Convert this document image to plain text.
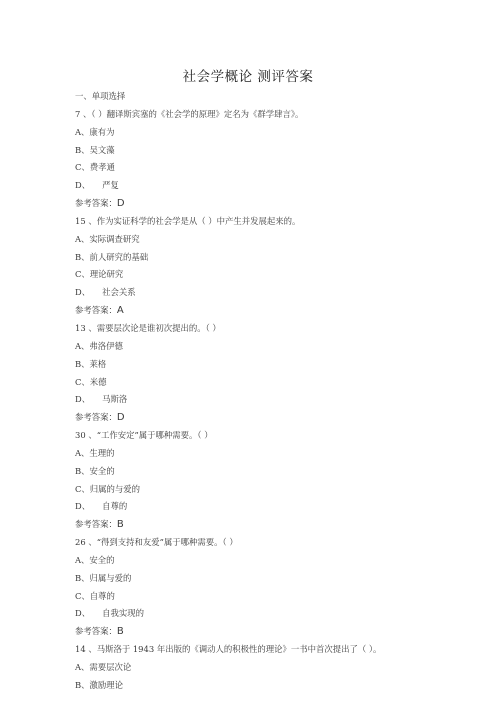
社会学概论 测评答案
一、单项选择
7 、（ ）翻译斯宾塞的《社会学的原理》定名为《群学肆言》。
A、康有为
B、吴文藻
C、费孝通
D、 严复
参考答案：D
15 、作为实证科学的社会学是从（ ）中产生并发展起来的。
A、实际调查研究
B、前人研究的基础
C、理论研究
D、 社会关系
参考答案：A
13 、需要层次论是谁初次提出的。（ ）
A、弗洛伊德
B、莱格
C、米德
D、 马斯洛
参考答案：D
30 、“工作安定”属于哪种需要。（ ）
A、生理的
B、安全的
C、归属的与爱的
D、 自尊的
参考答案：B
26 、“得到支持和友爱”属于哪种需要。（ ）
A、安全的
B、归属与爱的
C、自尊的
D、 自我实现的
参考答案：B
14 、马斯洛于 1943 年出版的《调动人的积极性的理论》一书中首次提出了（ ）。
A、需要层次论
B、激励理论
